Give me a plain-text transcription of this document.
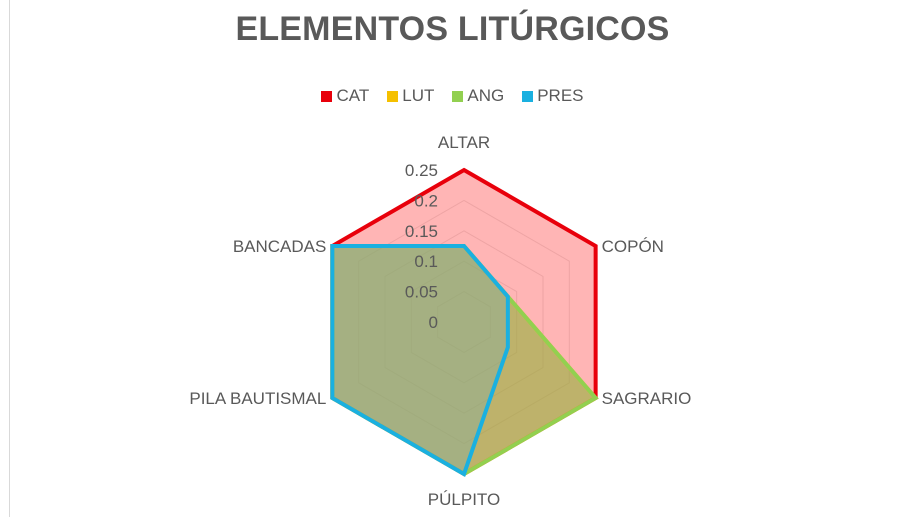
ELEMENTOS LITÚRGICOS
CAT LUT ANG PRES
0
0.05
0.1
0.15
0.2
0.25
ALTAR
COPÓN
SAGRARIO
PÚLPITO
PILA BAUTISMAL
BANCADAS
